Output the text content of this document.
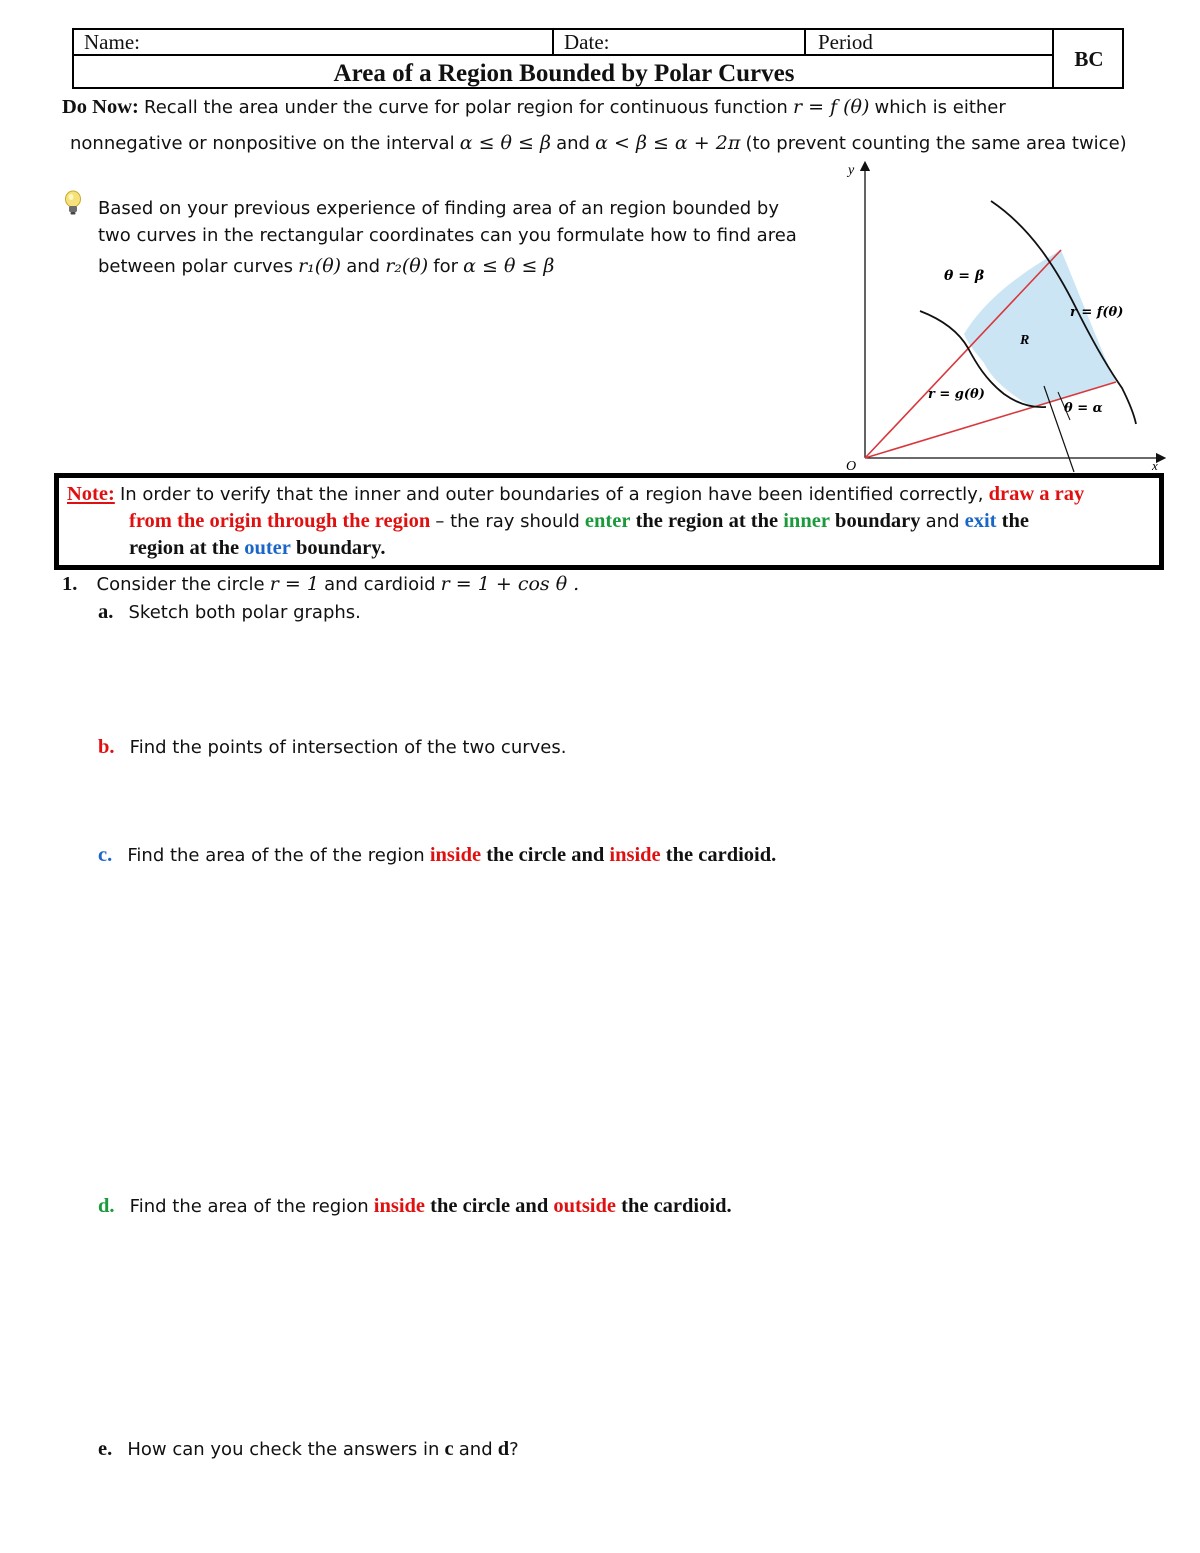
Name:	Date:	Period
Area of a Region Bounded by Polar Curves
BC
Do Now: Recall the area under the curve for polar region for continuous function r = f (θ) which is either
nonnegative or nonpositive on the interval α ≤ θ ≤ β and α < β ≤ α + 2π (to prevent counting the same area twice)
Based on your previous experience of finding area of an region bounded by
two curves in the rectangular coordinates can you formulate how to find area
between polar curves r₁(θ) and r₂(θ) for α ≤ θ ≤ β
y
x
O
θ = β
θ = α
r = f(θ)
r = g(θ)
R
Note: In order to verify that the inner and outer boundaries of a region have been identified correctly, draw a ray
from the origin through the region – the ray should enter the region at the inner boundary and exit the
region at the outer boundary.
1. Consider the circle r = 1 and cardioid r = 1 + cos θ .
a. Sketch both polar graphs.
b. Find the points of intersection of the two curves.
c. Find the area of the of the region inside the circle and inside the cardioid.
d. Find the area of the region inside the circle and outside the cardioid.
e. How can you check the answers in c and d?
